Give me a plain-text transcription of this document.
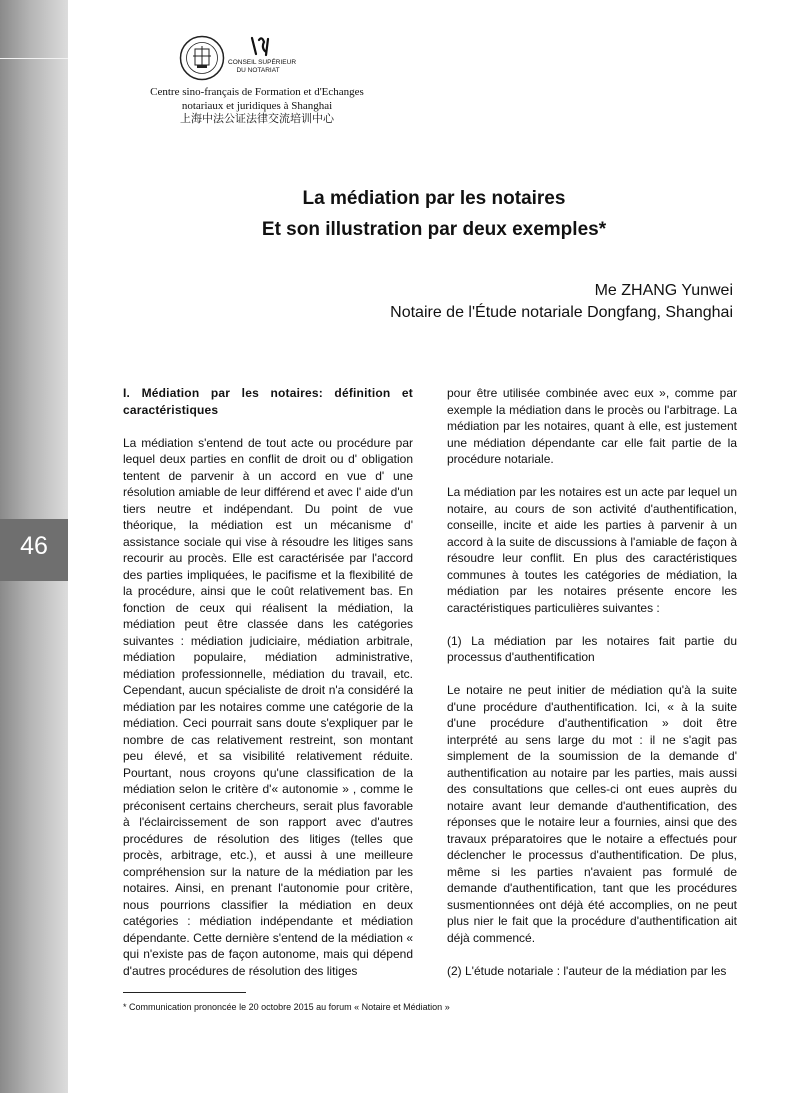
46
CONSEIL SUPÉRIEUR
DU NOTARIAT
Centre sino-français de Formation et d'Echanges
notariaux et juridiques à Shanghai
上海中法公证法律交流培训中心
La médiation par les notaires
Et son illustration par deux exemples*
Me ZHANG Yunwei
Notaire de l'Étude notariale Dongfang, Shanghai

I. Médiation par les notaires: définition et caractéristiques

La médiation s'entend de tout acte ou procédure par lequel deux parties en conflit de droit ou d' obligation tentent de parvenir à un accord en vue d' une résolution amiable de leur différend et avec l' aide d'un tiers neutre et indépendant. Du point de vue théorique, la médiation est un mécanisme d' assistance sociale qui vise à résoudre les litiges sans recourir au procès. Elle est caractérisée par l'accord des parties impliquées, le pacifisme et la flexibilité de la procédure, ainsi que le coût relativement bas. En fonction de ceux qui réalisent la médiation, la médiation peut être classée dans les catégories suivantes : médiation judiciaire, médiation arbitrale, médiation populaire, médiation administrative, médiation professionnelle, médiation du travail, etc. Cependant, aucun spécialiste de droit n'a considéré la médiation par les notaires comme une catégorie de la médiation. Ceci pourrait sans doute s'expliquer par le nombre de cas relativement restreint, son montant peu élevé, et sa visibilité relativement réduite. Pourtant, nous croyons qu'une classification de la médiation selon le critère d'« autonomie » , comme le préconisent certains chercheurs, serait plus favorable à l'éclaircissement de son rapport avec d'autres procédures de résolution des litiges (telles que procès, arbitrage, etc.), et aussi à une meilleure compréhension sur la nature de la médiation par les notaires. Ainsi, en prenant l'autonomie pour critère, nous pourrions classifier la médiation en deux catégories : médiation indépendante et médiation dépendante. Cette dernière s'entend de la médiation « qui n'existe pas de façon autonome, mais qui dépend d'autres procédures de résolution des litiges

pour être utilisée combinée avec eux », comme par exemple la médiation dans le procès ou l'arbitrage. La médiation par les notaires, quant à elle, est justement une médiation dépendante car elle fait partie de la procédure notariale.

La médiation par les notaires est un acte par lequel un notaire, au cours de son activité d'authentification, conseille, incite et aide les parties à parvenir à un accord à la suite de discussions à l'amiable de façon à résoudre leur conflit. En plus des caractéristiques communes à toutes les catégories de médiation, la médiation par les notaires présente encore les caractéristiques particulières suivantes :

(1) La médiation par les notaires fait partie du processus d'authentification

Le notaire ne peut initier de médiation qu'à la suite d'une procédure d'authentification. Ici, « à la suite d'une procédure d'authentification » doit être interprété au sens large du mot : il ne s'agit pas simplement de la soumission de la demande d' authentification au notaire par les parties, mais aussi des consultations que celles-ci ont eues auprès du notaire avant leur demande d'authentification, des réponses que le notaire leur a fournies, ainsi que des travaux préparatoires que le notaire a effectués pour déclencher le processus d'authentification. De plus, même si les parties n'avaient pas formulé de demande d'authentification, tant que les procédures susmentionnées ont déjà été accomplies, on ne peut plus nier le fait que la procédure d'authentification ait déjà commencé.

(2) L'étude notariale : l'auteur de la médiation par les

* Communication prononcée le 20 octobre 2015 au forum « Notaire et Médiation »
